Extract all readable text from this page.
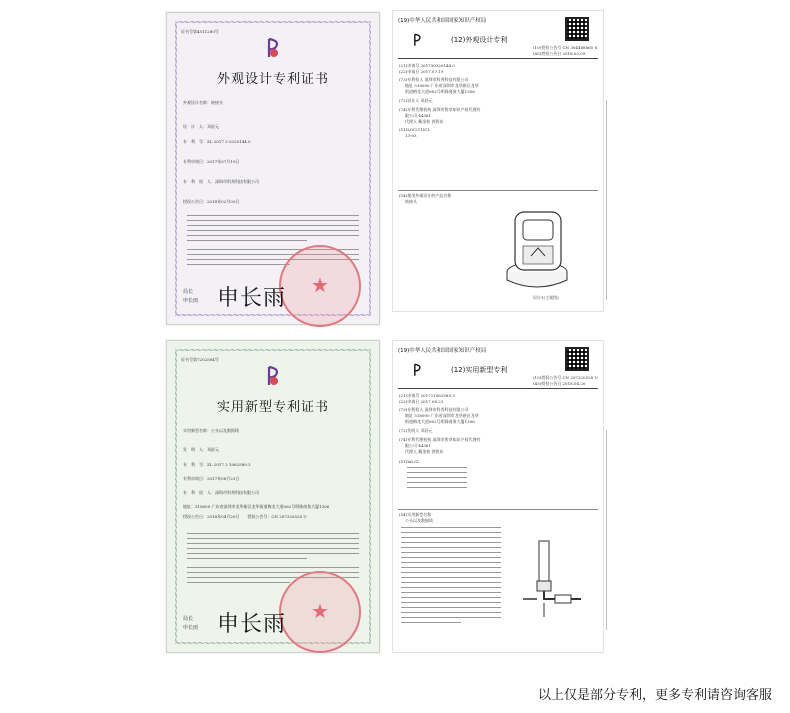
证书号第4511280号
外观设计专利证书
外观设计名称：转接头
设　计　人：邓舒元
专　利　号：ZL 2017 3 0320144.0
专利申请日：2017年07月19日
专　利　权　人：深圳市科秀科技有限公司
授权公告日：2018年02月09日
★
局长
申长雨 申长雨
(19)中华人民共和国国家知识产权局
(12)外观设计专利
(10)授权公告号 CN 304488865 S
(45)授权公告日 2018.02.09
(21)申请号 201730320144.0
(22)申请日 2017.07.19
(73)专利权人 深圳市科秀科技有限公司
地址 518000 广东省深圳市龙华新区龙华
街道梅龙大道062号明珠商务大厦1306
(72)设计人 邓舒元
(74)专利代理机构 深圳市智享知识产权代理有
限公司 44361
代理人 戴金枝 郭智东
(51)LOC(11)Cl.
13-03
(54)使用外观设计的产品名称
转接头
设计1(主视图)
证书号第7202584号
实用新型专利证书
实用新型名称：公头以及数据线
发　明　人：邓舒元
专　利　号：ZL 2017 2 1062589.3
专利申请日：2017年08月23日
专　利　权　人：深圳市科秀科技有限公司
地址：518000 广东省深圳市龙华新区龙华街道梅龙大道062号明珠商务大厦1306
授权公告日：2018年04月20日　　授权公告号：CN 207320528 U
★
局长
申长雨 申长雨
(19)中华人民共和国国家知识产权局
(12)实用新型专利
(10)授权公告号 CN 207320528 U
(45)授权公告日 2018.04.20
(21)申请号 201721062589.3
(22)申请日 2017.08.23
(73)专利权人 深圳市科秀科技有限公司
地址 518000 广东省深圳市龙华新区龙华
街道梅龙大道062号明珠商务大厦1306
(72)发明人 邓舒元
(74)专利代理机构 深圳市智享知识产权代理有
限公司 44361
代理人 戴金枝 郭智东
(51)Int.Cl.
(54)实用新型名称
公头以及数据线
以上仅是部分专利，更多专利请咨询客服
